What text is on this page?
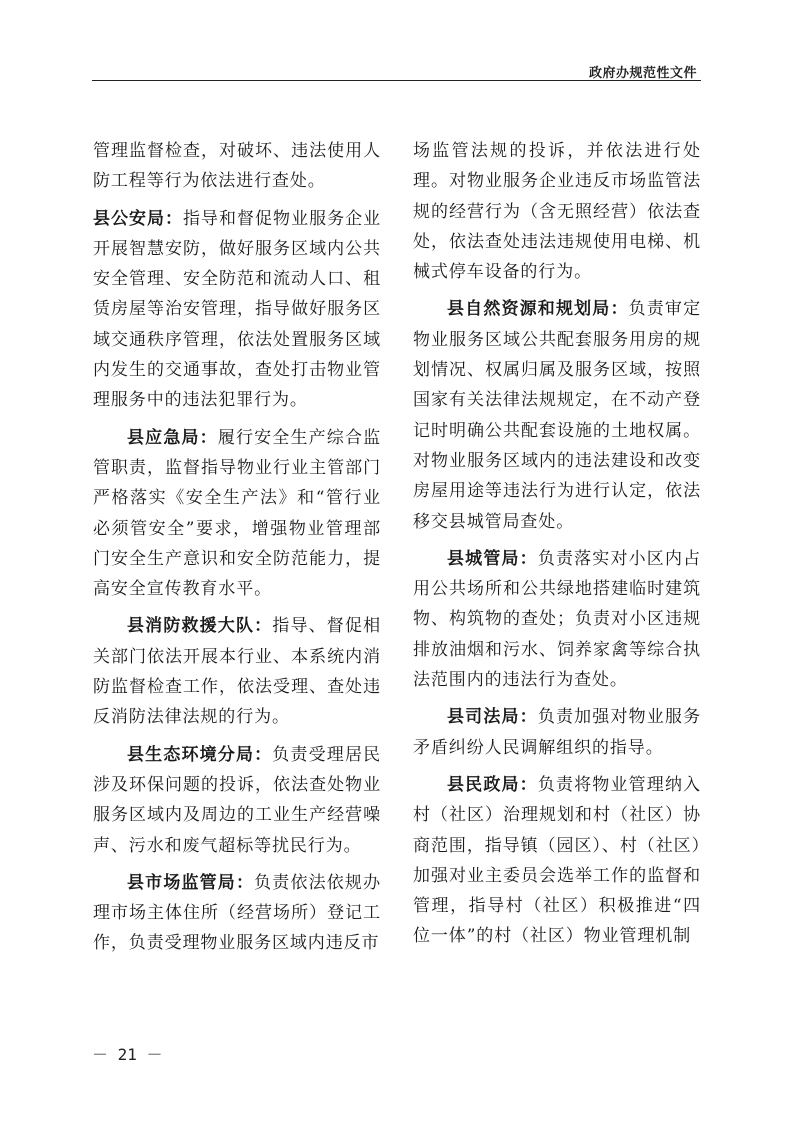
政府办规范性文件

管理监督检查，对破坏、违法使用人防工程等行为依法进行查处。

县公安局：指导和督促物业服务企业开展智慧安防，做好服务区域内公共安全管理、安全防范和流动人口、租赁房屋等治安管理，指导做好服务区域交通秩序管理，依法处置服务区域内发生的交通事故，查处打击物业管理服务中的违法犯罪行为。

县应急局：履行安全生产综合监管职责，监督指导物业行业主管部门严格落实《安全生产法》和“管行业必须管安全”要求，增强物业管理部门安全生产意识和安全防范能力，提高安全宣传教育水平。

县消防救援大队：指导、督促相关部门依法开展本行业、本系统内消防监督检查工作，依法受理、查处违反消防法律法规的行为。

县生态环境分局：负责受理居民涉及环保问题的投诉，依法查处物业服务区域内及周边的工业生产经营噪声、污水和废气超标等扰民行为。

县市场监管局：负责依法依规办理市场主体住所（经营场所）登记工作，负责受理物业服务区域内违反市

场监管法规的投诉，并依法进行处理。对物业服务企业违反市场监管法规的经营行为（含无照经营）依法查处，依法查处违法违规使用电梯、机械式停车设备的行为。

县自然资源和规划局：负责审定物业服务区域公共配套服务用房的规划情况、权属归属及服务区域，按照国家有关法律法规规定，在不动产登记时明确公共配套设施的土地权属。对物业服务区域内的违法建设和改变房屋用途等违法行为进行认定，依法移交县城管局查处。

县城管局：负责落实对小区内占用公共场所和公共绿地搭建临时建筑物、构筑物的查处；负责对小区违规排放油烟和污水、饲养家禽等综合执法范围内的违法行为查处。

县司法局：负责加强对物业服务矛盾纠纷人民调解组织的指导。

县民政局：负责将物业管理纳入村（社区）治理规划和村（社区）协商范围，指导镇（园区）、村（社区）加强对业主委员会选举工作的监督和管理，指导村（社区）积极推进“四位一体”的村（社区）物业管理机制

－ 21 －
